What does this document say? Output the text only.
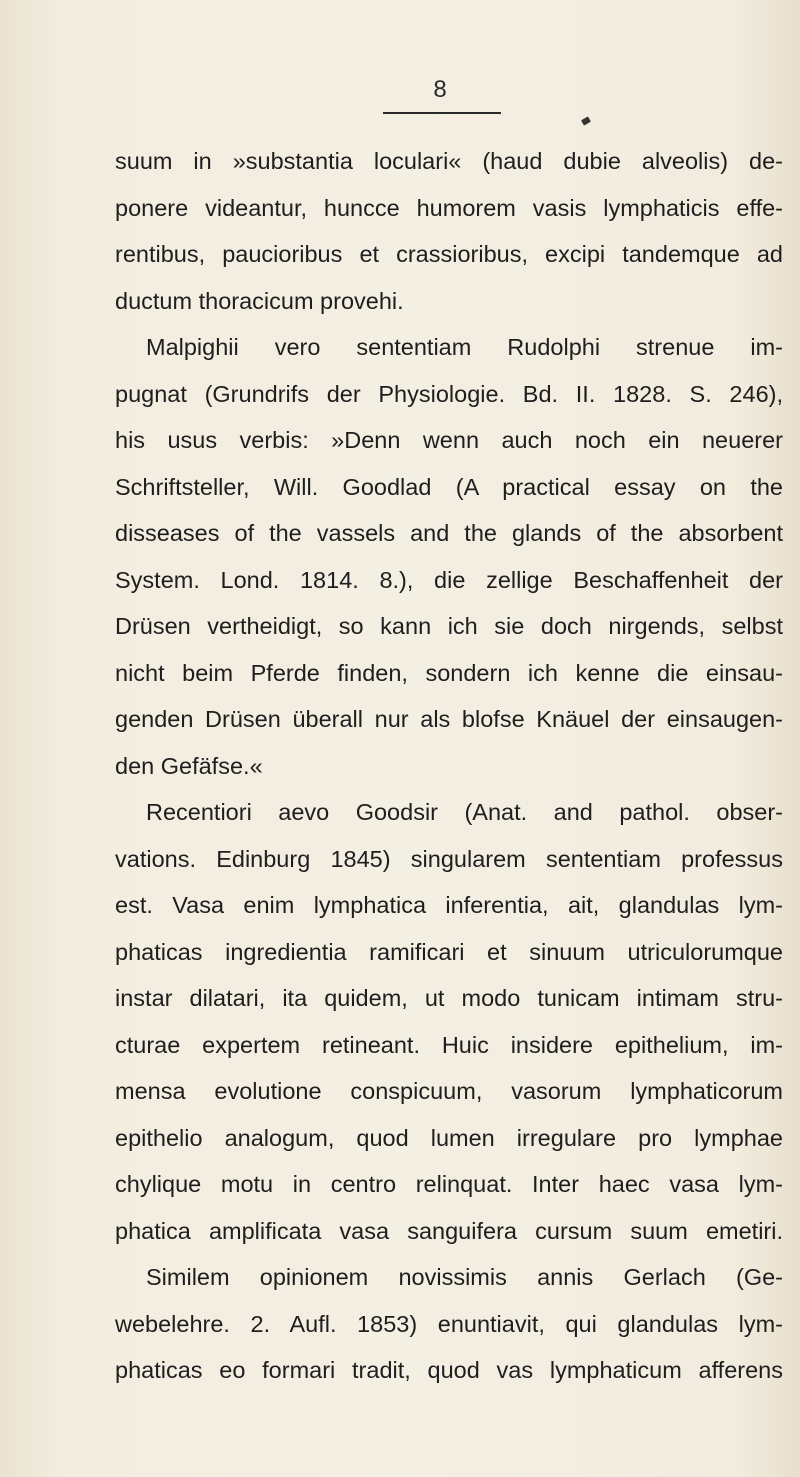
8
suum in »substantia loculari« (haud dubie alveolis) de-
ponere videantur, huncce humorem vasis lymphaticis effe-
rentibus, paucioribus et crassioribus, excipi tandemque ad
ductum thoracicum provehi.
Malpighii vero sententiam Rudolphi strenue im-
pugnat (Grundrifs der Physiologie. Bd. II. 1828. S. 246),
his usus verbis: »Denn wenn auch noch ein neuerer
Schriftsteller, Will. Goodlad (A practical essay on the
disseases of the vassels and the glands of the absorbent
System. Lond. 1814. 8.), die zellige Beschaffenheit der
Drüsen vertheidigt, so kann ich sie doch nirgends, selbst
nicht beim Pferde finden, sondern ich kenne die einsau-
genden Drüsen überall nur als blofse Knäuel der einsaugen-
den Gefäfse.«
Recentiori aevo Goodsir (Anat. and pathol. obser-
vations. Edinburg 1845) singularem sententiam professus
est. Vasa enim lymphatica inferentia, ait, glandulas lym-
phaticas ingredientia ramificari et sinuum utriculorumque
instar dilatari, ita quidem, ut modo tunicam intimam stru-
cturae expertem retineant. Huic insidere epithelium, im-
mensa evolutione conspicuum, vasorum lymphaticorum
epithelio analogum, quod lumen irregulare pro lymphae
chylique motu in centro relinquat. Inter haec vasa lym-
phatica amplificata vasa sanguifera cursum suum emetiri.
Similem opinionem novissimis annis Gerlach (Ge-
webelehre. 2. Aufl. 1853) enuntiavit, qui glandulas lym-
phaticas eo formari tradit, quod vas lymphaticum afferens
